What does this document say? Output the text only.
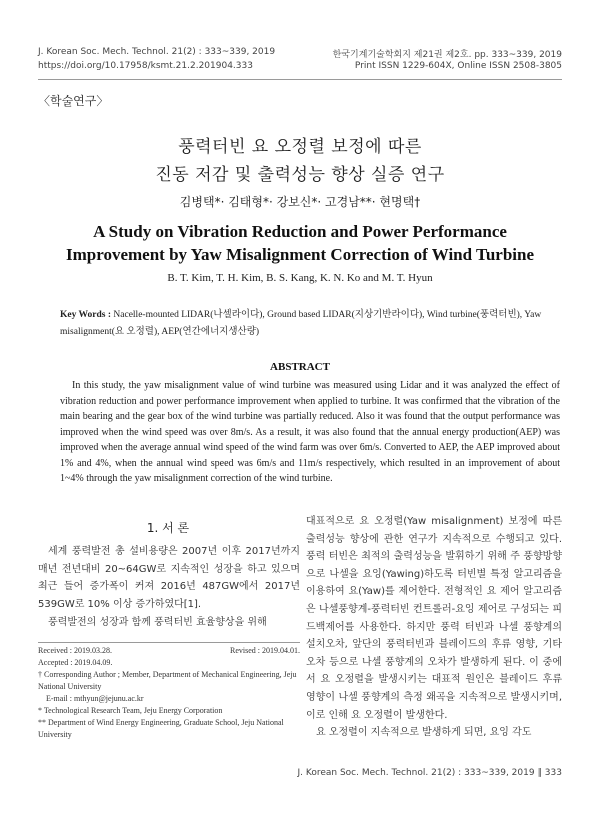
J. Korean Soc. Mech. Technol. 21(2) : 333~339, 2019
https://doi.org/10.17958/ksmt.21.2.201904.333
한국기계기술학회지 제21권 제2호. pp. 333~339, 2019
Print ISSN 1229-604X, Online ISSN 2508-3805
〈학술연구〉
풍력터빈 요 오정렬 보정에 따른
진동 저감 및 출력성능 향상 실증 연구
김병택*· 김태형*· 강보신*· 고경남**· 현명택†
A Study on Vibration Reduction and Power Performance
Improvement by Yaw Misalignment Correction of Wind Turbine
B. T. Kim, T. H. Kim, B. S. Kang, K. N. Ko and M. T. Hyun
Key Words : Nacelle-mounted LIDAR(나셀라이다), Ground based LIDAR(지상기반라이다), Wind turbine(풍력터빈), Yaw misalignment(요 오정렬), AEP(연간에너지생산량)
ABSTRACT

In this study, the yaw misalignment value of wind turbine was measured using Lidar and it was analyzed the effect of vibration reduction and power performance improvement when applied to turbine. It was confirmed that the vibration of the main bearing and the gear box of the wind turbine was partially reduced. Also it was found that the output performance was improved when the wind speed was over 8m/s. As a result, it was also found that the annual energy production(AEP) was improved when the average annual wind speed of the wind farm was over 6m/s. Converted to AEP, the AEP improved about 1% and 4%, when the annual wind speed was 6m/s and 11m/s respectively, which resulted in an improvement of about 1~4% through the yaw misalignment correction of the wind turbine.

1. 서 론

세계 풍력발전 총 설비용량은 2007년 이후 2017년까지 매년 전년대비 20~64GW로 지속적인 성장을 하고 있으며 최근 들어 증가폭이 커져 2016년 487GW에서 2017년 539GW로 10% 이상 증가하였다[1].

풍력발전의 성장과 함께 풍력터빈 효율향상을 위해

Received : 2019.03.28.	Revised : 2019.04.01.
Accepted : 2019.04.09.
† Corresponding Author ; Member, Department of Mechanical Engineering, Jeju National University
E-mail : mthyun@jejunu.ac.kr
* Technological Research Team, Jeju Energy Corporation
** Department of Wind Energy Engineering, Graduate School, Jeju National University

대표적으로 요 오정렬(Yaw misalignment) 보정에 따른 출력성능 향상에 관한 연구가 지속적으로 수행되고 있다. 풍력 터빈은 최적의 출력성능을 발휘하기 위해 주 풍향방향으로 나셀을 요잉(Yawing)하도록 터빈별 특정 알고리즘을 이용하여 요(Yaw)를 제어한다. 전형적인 요 제어 알고리즘은 나셀풍향계-풍력터빈 컨트롤러-요잉 제어로 구성되는 피드백제어를 사용한다. 하지만 풍력 터빈과 나셀 풍향계의 설치오차, 앞단의 풍력터빈과 블레이드의 후류 영향, 기타 오차 등으로 나셀 풍향계의 오차가 발생하게 된다. 이 중에서 요 오정렬을 발생시키는 대표적 원인은 블레이드 후류 영향이 나셀 풍향계의 측정 왜곡을 지속적으로 발생시키며, 이로 인해 요 오정렬이 발생한다.

요 오정렬이 지속적으로 발생하게 되면, 요잉 각도

J. Korean Soc. Mech. Technol. 21(2) : 333~339, 2019 ∥ 333
